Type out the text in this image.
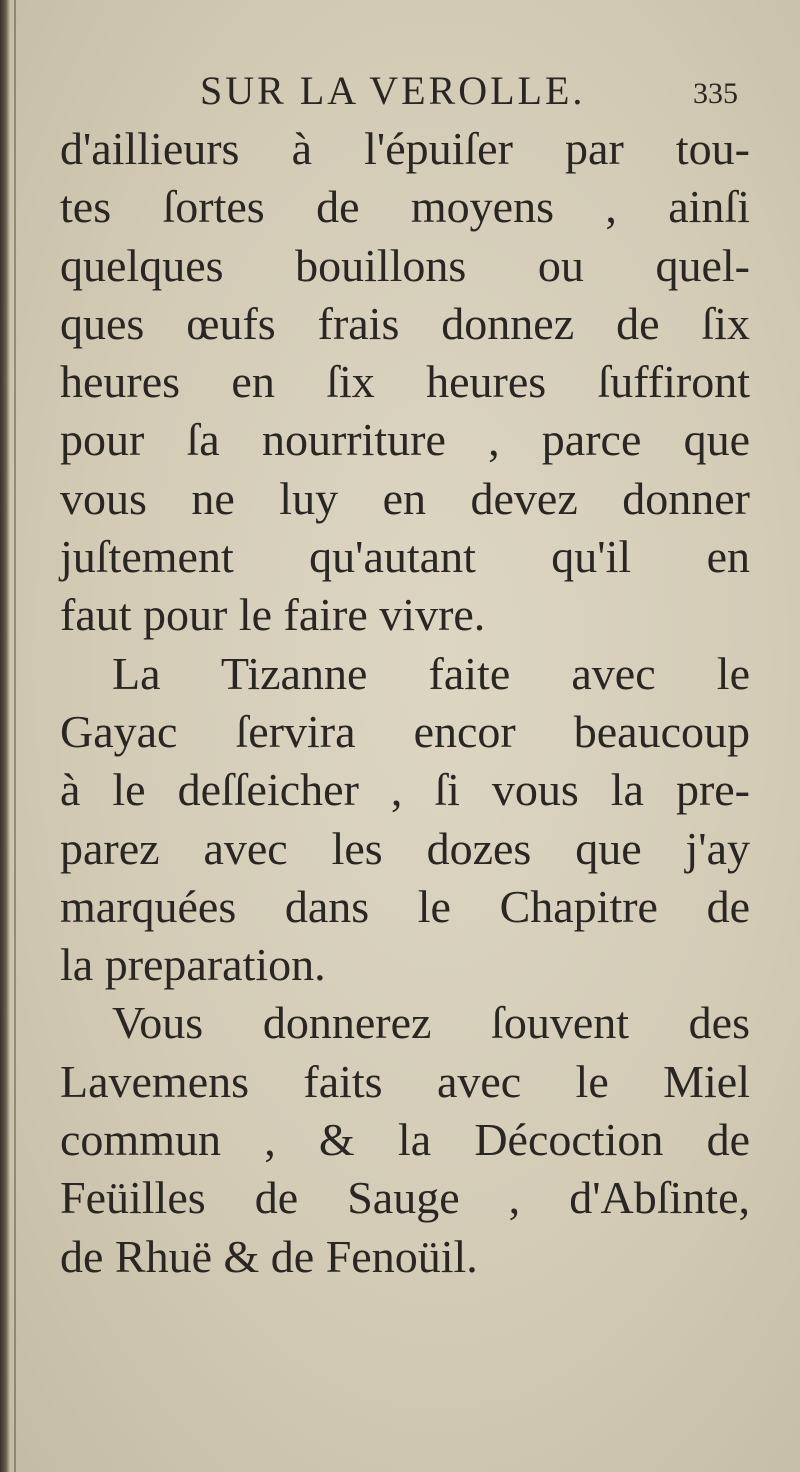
SUR LA VEROLLE.	335
d'aillieurs à l'épuiſer par tou-
tes ſortes de moyens , ainſi
quelques bouillons ou quel-
ques œufs frais donnez de ſix
heures en ſix heures ſuffiront
pour ſa nourriture , parce que
vous ne luy en devez donner
juſtement qu'autant qu'il en
faut pour le faire vivre.
La Tizanne faite avec le
Gayac ſervira encor beaucoup
à le deſſeicher , ſi vous la pre-
parez avec les dozes que j'ay
marquées dans le Chapitre de
la preparation.
Vous donnerez ſouvent des
Lavemens faits avec le Miel
commun , & la Décoction de
Feüilles de Sauge , d'Abſinte,
de Rhuë & de Fenoüil.
